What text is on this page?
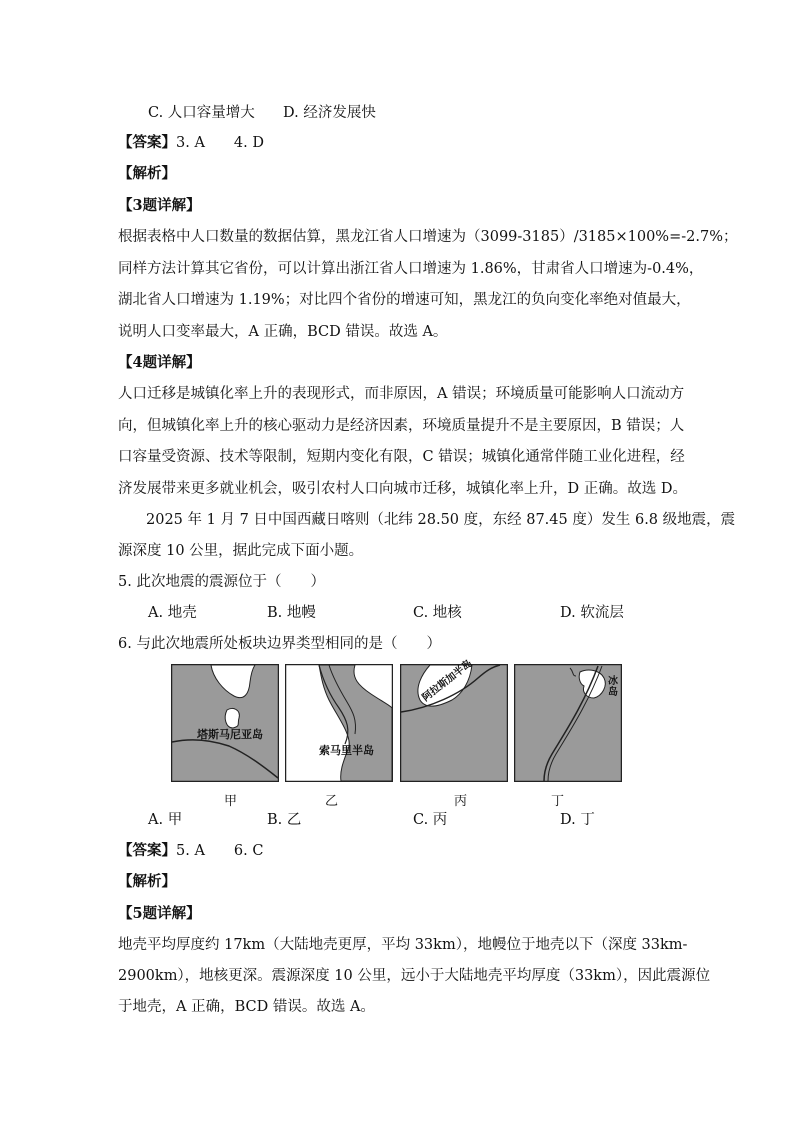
C. 人口容量增大 D. 经济发展快
【答案】3. A　　4. D
【解析】
【3题详解】
根据表格中人口数量的数据估算，黑龙江省人口增速为（3099-3185）/3185×100%=-2.7%；
同样方法计算其它省份，可以计算出浙江省人口增速为 1.86%，甘肃省人口增速为-0.4%，
湖北省人口增速为 1.19%；对比四个省份的增速可知，黑龙江的负向变化率绝对值最大，
说明人口变率最大，A 正确，BCD 错误。故选 A。
【4题详解】
人口迁移是城镇化率上升的表现形式，而非原因，A 错误；环境质量可能影响人口流动方
向，但城镇化率上升的核心驱动力是经济因素，环境质量提升不是主要原因，B 错误；人
口容量受资源、技术等限制，短期内变化有限，C 错误；城镇化通常伴随工业化进程，经
济发展带来更多就业机会，吸引农村人口向城市迁移，城镇化率上升，D 正确。故选 D。
2025 年 1 月 7 日中国西藏日喀则（北纬 28.50 度，东经 87.45 度）发生 6.8 级地震，震
源深度 10 公里，据此完成下面小题。
5. 此次地震的震源位于（　　）
A. 地壳	B. 地幔	C. 地核	D. 软流层
6. 与此次地震所处板块边界类型相同的是（　　）
塔斯马尼亚岛
甲
索马里半岛
乙
阿拉斯加半岛
丙
冰岛
丁
A. 甲	B. 乙	C. 丙	D. 丁
【答案】5. A　　6. C
【解析】
【5题详解】
地壳平均厚度约 17km（大陆地壳更厚，平均 33km），地幔位于地壳以下（深度 33km-
2900km），地核更深。震源深度 10 公里，远小于大陆地壳平均厚度（33km），因此震源位
于地壳，A 正确，BCD 错误。故选 A。
